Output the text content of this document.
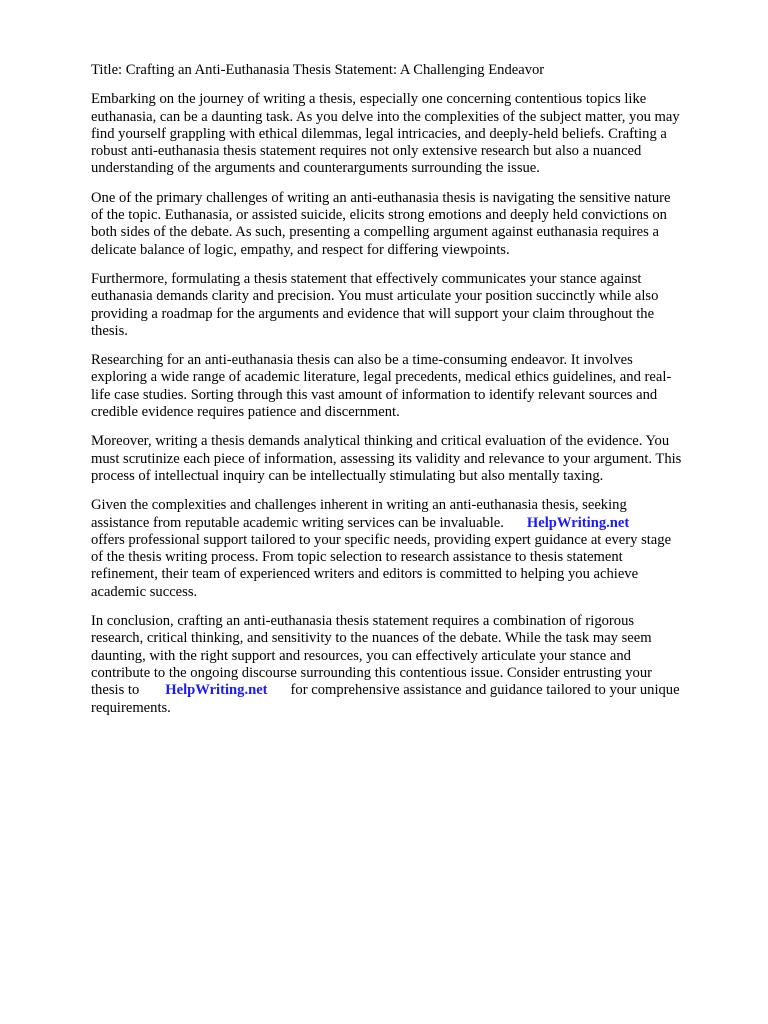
Title: Crafting an Anti-Euthanasia Thesis Statement: A Challenging Endeavor
Embarking on the journey of writing a thesis, especially one concerning contentious topics like
euthanasia, can be a daunting task. As you delve into the complexities of the subject matter, you may
find yourself grappling with ethical dilemmas, legal intricacies, and deeply-held beliefs. Crafting a
robust anti-euthanasia thesis statement requires not only extensive research but also a nuanced
understanding of the arguments and counterarguments surrounding the issue.
One of the primary challenges of writing an anti-euthanasia thesis is navigating the sensitive nature
of the topic. Euthanasia, or assisted suicide, elicits strong emotions and deeply held convictions on
both sides of the debate. As such, presenting a compelling argument against euthanasia requires a
delicate balance of logic, empathy, and respect for differing viewpoints.
Furthermore, formulating a thesis statement that effectively communicates your stance against
euthanasia demands clarity and precision. You must articulate your position succinctly while also
providing a roadmap for the arguments and evidence that will support your claim throughout the
thesis.
Researching for an anti-euthanasia thesis can also be a time-consuming endeavor. It involves
exploring a wide range of academic literature, legal precedents, medical ethics guidelines, and real-
life case studies. Sorting through this vast amount of information to identify relevant sources and
credible evidence requires patience and discernment.
Moreover, writing a thesis demands analytical thinking and critical evaluation of the evidence. You
must scrutinize each piece of information, assessing its validity and relevance to your argument. This
process of intellectual inquiry can be intellectually stimulating but also mentally taxing.
Given the complexities and challenges inherent in writing an anti-euthanasia thesis, seeking
assistance from reputable academic writing services can be invaluable. HelpWriting.net
offers professional support tailored to your specific needs, providing expert guidance at every stage
of the thesis writing process. From topic selection to research assistance to thesis statement
refinement, their team of experienced writers and editors is committed to helping you achieve
academic success.
In conclusion, crafting an anti-euthanasia thesis statement requires a combination of rigorous
research, critical thinking, and sensitivity to the nuances of the debate. While the task may seem
daunting, with the right support and resources, you can effectively articulate your stance and
contribute to the ongoing discourse surrounding this contentious issue. Consider entrusting your
thesis to HelpWriting.net for comprehensive assistance and guidance tailored to your unique
requirements.
